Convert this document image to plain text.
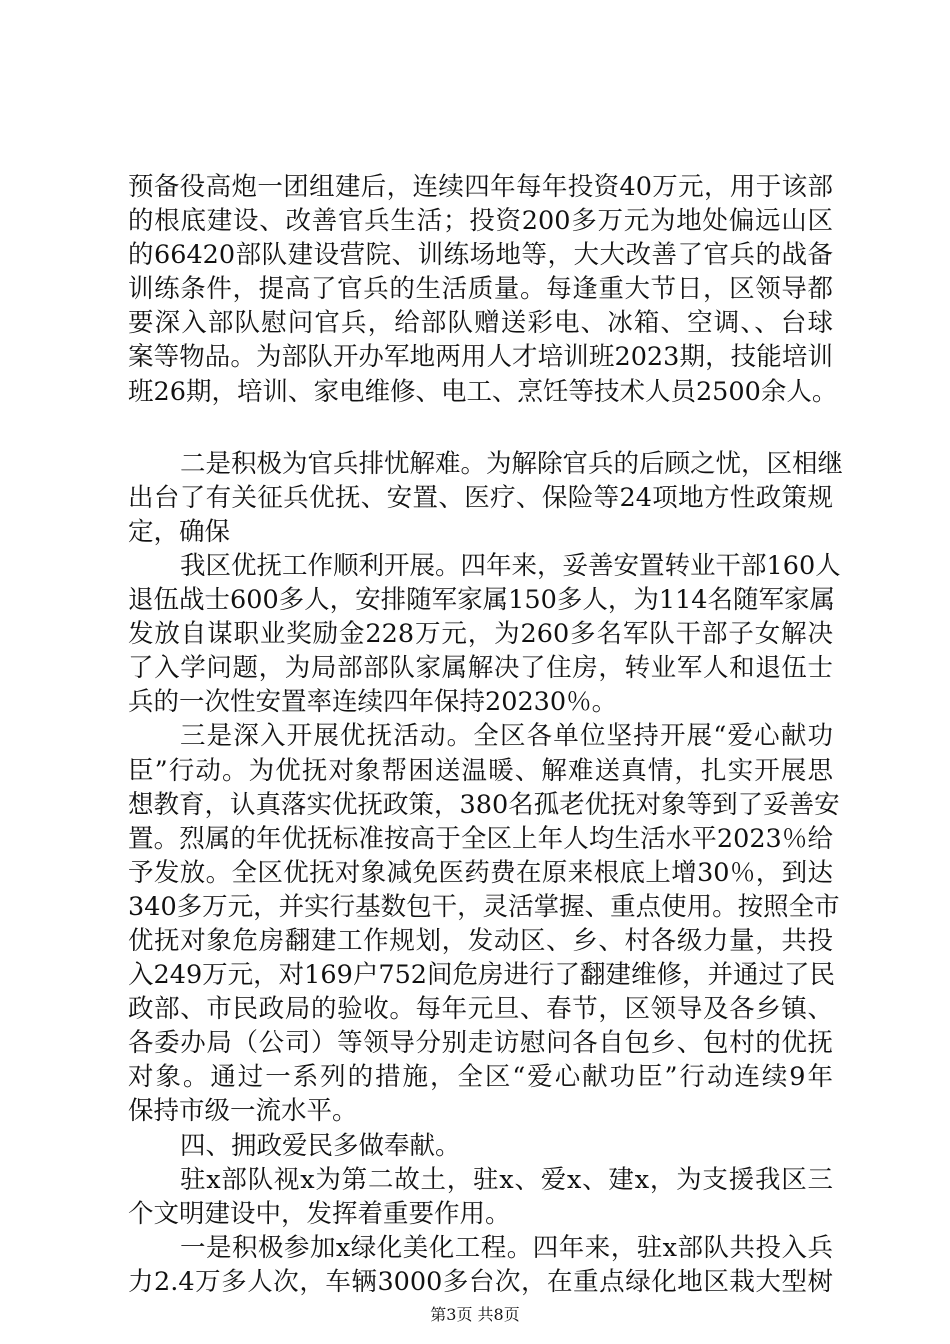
预备役高炮一团组建后，连续四年每年投资40万元，用于该部
的根底建设、改善官兵生活；投资200多万元为地处偏远山区
的66420部队建设营院、训练场地等，大大改善了官兵的战备
训练条件，提高了官兵的生活质量。每逢重大节日，区领导都
要深入部队慰问官兵，给部队赠送彩电、冰箱、空调、、台球
案等物品。为部队开办军地两用人才培训班2023期，技能培训
班26期，培训、家电维修、电工、烹饪等技术人员2500余人。
二是积极为官兵排忧解难。为解除官兵的后顾之忧，区相继
出台了有关征兵优抚、安置、医疗、保险等24项地方性政策规
定，确保
我区优抚工作顺利开展。四年来，妥善安置转业干部160人
退伍战士600多人，安排随军家属150多人，为114名随军家属
发放自谋职业奖励金228万元，为260多名军队干部子女解决
了入学问题，为局部部队家属解决了住房，转业军人和退伍士
兵的一次性安置率连续四年保持20230％。
三是深入开展优抚活动。全区各单位坚持开展“爱心献功
臣”行动。为优抚对象帮困送温暖、解难送真情，扎实开展思
想教育，认真落实优抚政策，380名孤老优抚对象等到了妥善安
置。烈属的年优抚标准按高于全区上年人均生活水平2023％给
予发放。全区优抚对象减免医药费在原来根底上增30％，到达
340多万元，并实行基数包干，灵活掌握、重点使用。按照全市
优抚对象危房翻建工作规划，发动区、乡、村各级力量，共投
入249万元，对169户752间危房进行了翻建维修，并通过了民
政部、市民政局的验收。每年元旦、春节，区领导及各乡镇、
各委办局（公司）等领导分别走访慰问各自包乡、包村的优抚
对象。通过一系列的措施，全区“爱心献功臣”行动连续9年
保持市级一流水平。
四、拥政爱民多做奉献。
驻x部队视x为第二故土，驻x、爱x、建x，为支援我区三
个文明建设中，发挥着重要作用。
一是积极参加x绿化美化工程。四年来，驻x部队共投入兵
力2.4万多人次，车辆3000多台次，在重点绿化地区栽大型树
第3页 共8页
